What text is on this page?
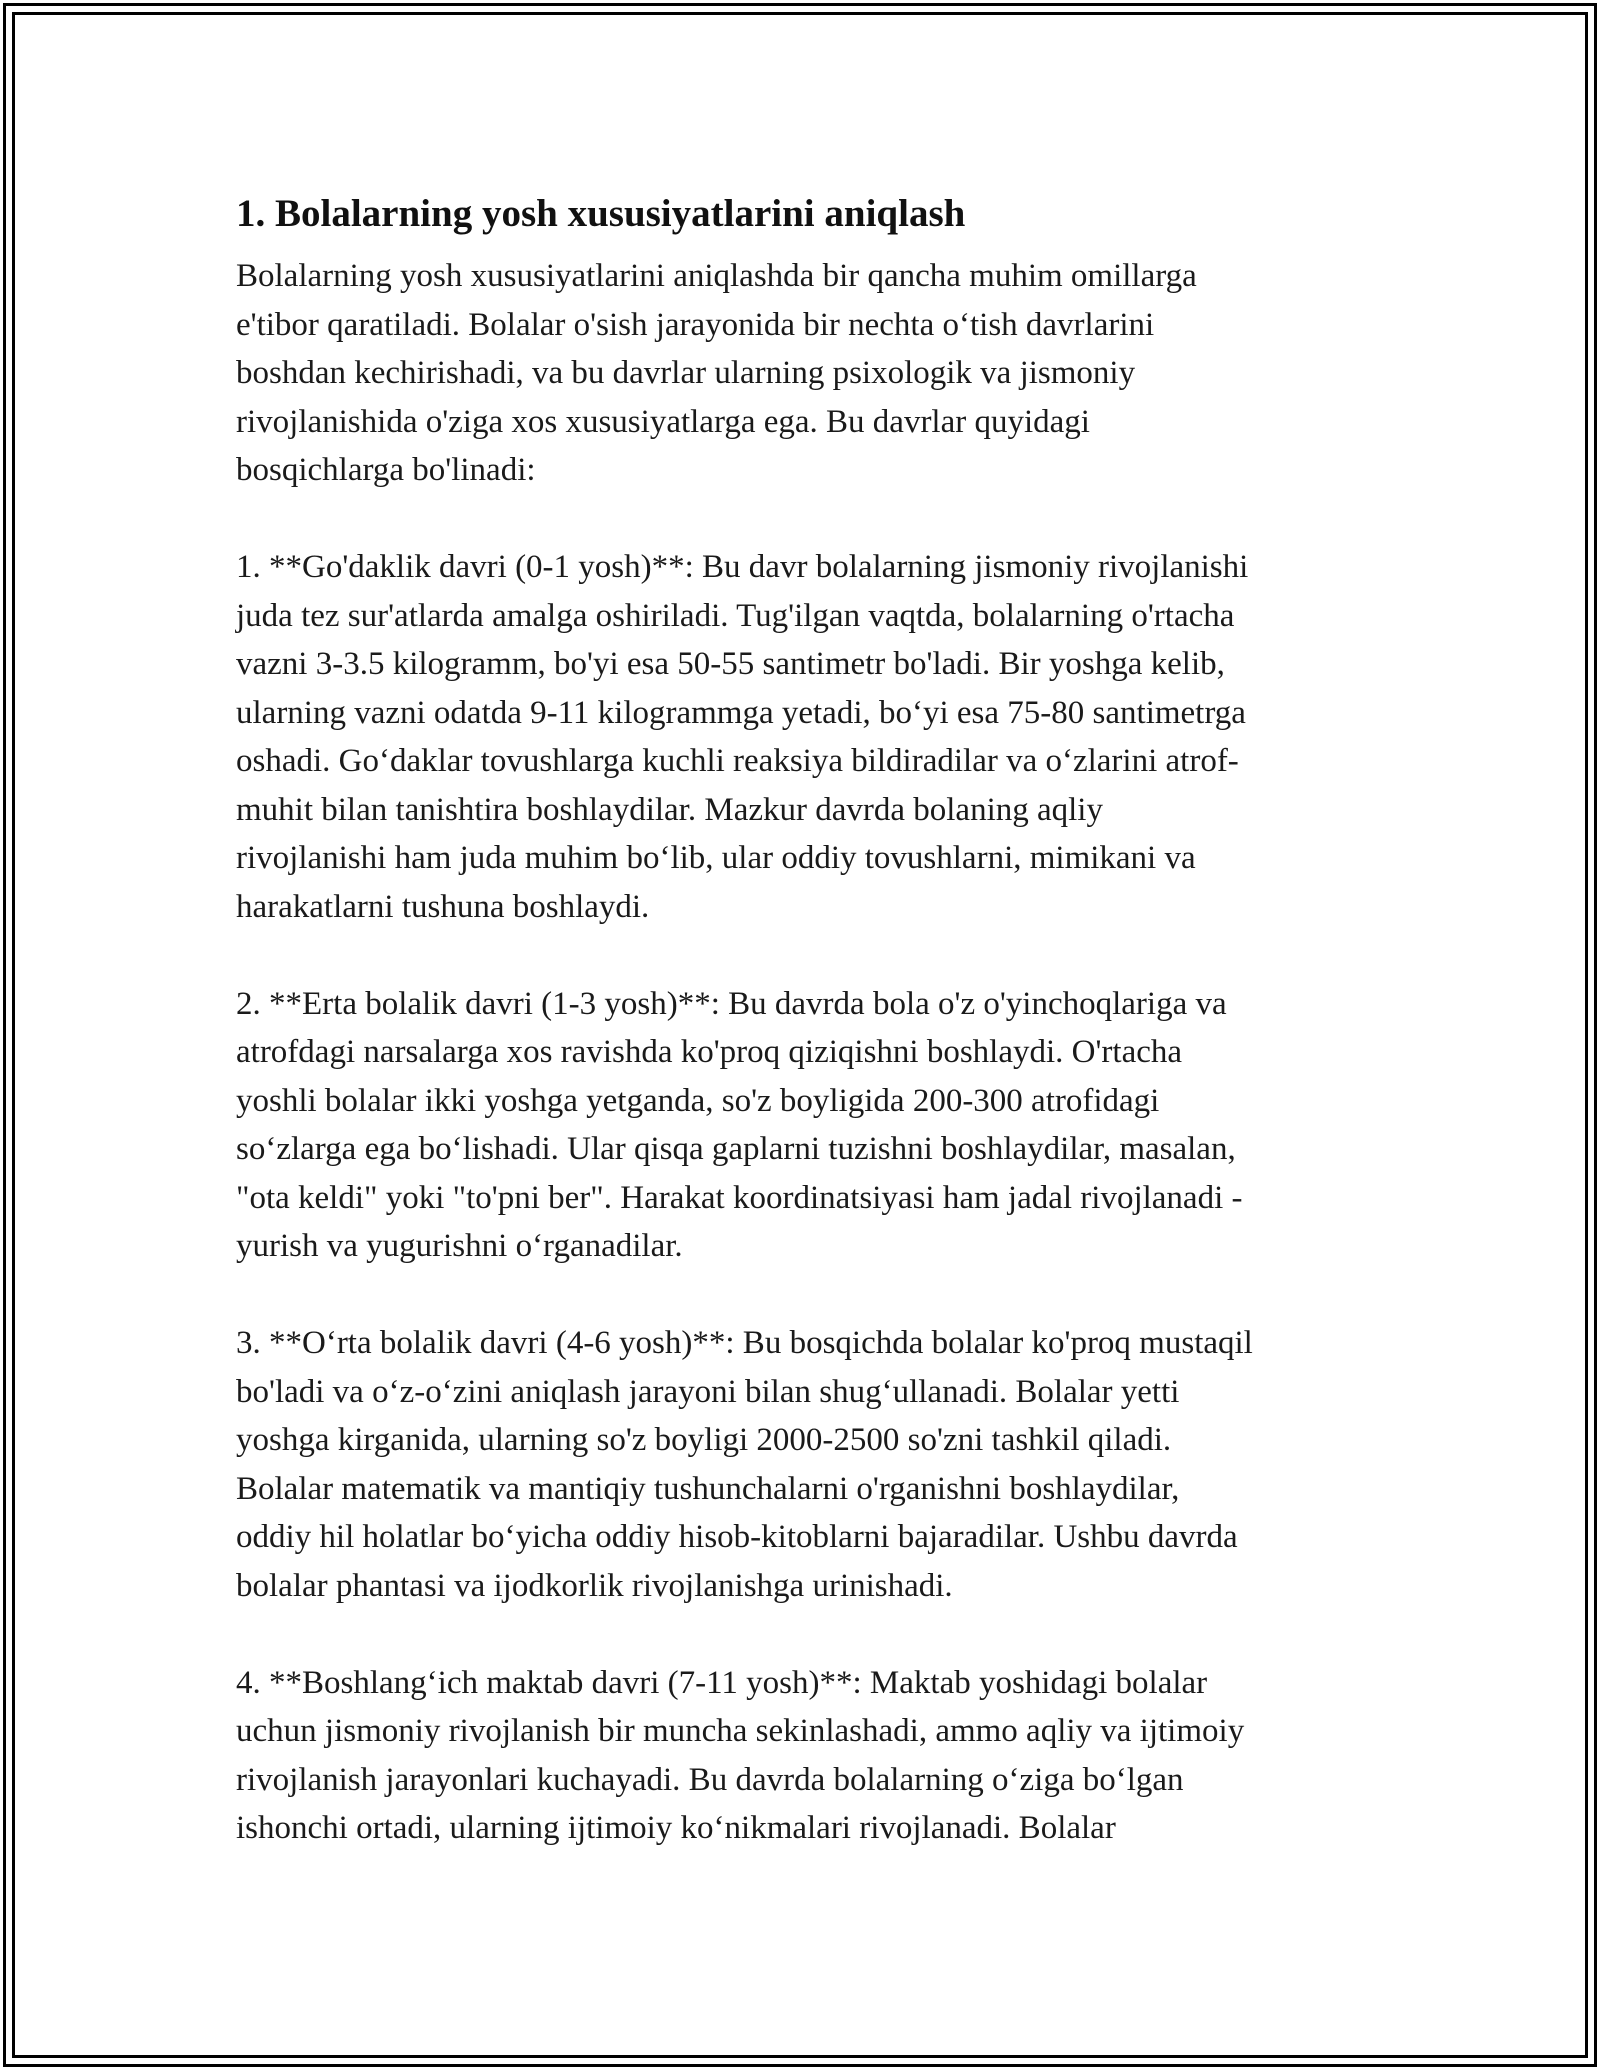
1. Bolalarning yosh xususiyatlarini aniqlash
Bolalarning yosh xususiyatlarini aniqlashda bir qancha muhim omillarga
e'tibor qaratiladi. Bolalar o'sish jarayonida bir nechta o‘tish davrlarini
boshdan kechirishadi, va bu davrlar ularning psixologik va jismoniy
rivojlanishida o'ziga xos xususiyatlarga ega. Bu davrlar quyidagi
bosqichlarga bo'linadi:
1. **Go'daklik davri (0-1 yosh)**: Bu davr bolalarning jismoniy rivojlanishi
juda tez sur'atlarda amalga oshiriladi. Tug'ilgan vaqtda, bolalarning o'rtacha
vazni 3-3.5 kilogramm, bo'yi esa 50-55 santimetr bo'ladi. Bir yoshga kelib,
ularning vazni odatda 9-11 kilogrammga yetadi, bo‘yi esa 75-80 santimetrga
oshadi. Go‘daklar tovushlarga kuchli reaksiya bildiradilar va o‘zlarini atrof-
muhit bilan tanishtira boshlaydilar. Mazkur davrda bolaning aqliy
rivojlanishi ham juda muhim bo‘lib, ular oddiy tovushlarni, mimikani va
harakatlarni tushuna boshlaydi.
2. **Erta bolalik davri (1-3 yosh)**: Bu davrda bola o'z o'yinchoqlariga va
atrofdagi narsalarga xos ravishda ko'proq qiziqishni boshlaydi. O'rtacha
yoshli bolalar ikki yoshga yetganda, so'z boyligida 200-300 atrofidagi
so‘zlarga ega bo‘lishadi. Ular qisqa gaplarni tuzishni boshlaydilar, masalan,
"ota keldi" yoki "to'pni ber". Harakat koordinatsiyasi ham jadal rivojlanadi -
yurish va yugurishni o‘rganadilar.
3. **O‘rta bolalik davri (4-6 yosh)**: Bu bosqichda bolalar ko'proq mustaqil
bo'ladi va o‘z-o‘zini aniqlash jarayoni bilan shug‘ullanadi. Bolalar yetti
yoshga kirganida, ularning so'z boyligi 2000-2500 so'zni tashkil qiladi.
Bolalar matematik va mantiqiy tushunchalarni o'rganishni boshlaydilar,
oddiy hil holatlar bo‘yicha oddiy hisob-kitoblarni bajaradilar. Ushbu davrda
bolalar phantasi va ijodkorlik rivojlanishga urinishadi.
4. **Boshlang‘ich maktab davri (7-11 yosh)**: Maktab yoshidagi bolalar
uchun jismoniy rivojlanish bir muncha sekinlashadi, ammo aqliy va ijtimoiy
rivojlanish jarayonlari kuchayadi. Bu davrda bolalarning o‘ziga bo‘lgan
ishonchi ortadi, ularning ijtimoiy ko‘nikmalari rivojlanadi. Bolalar
